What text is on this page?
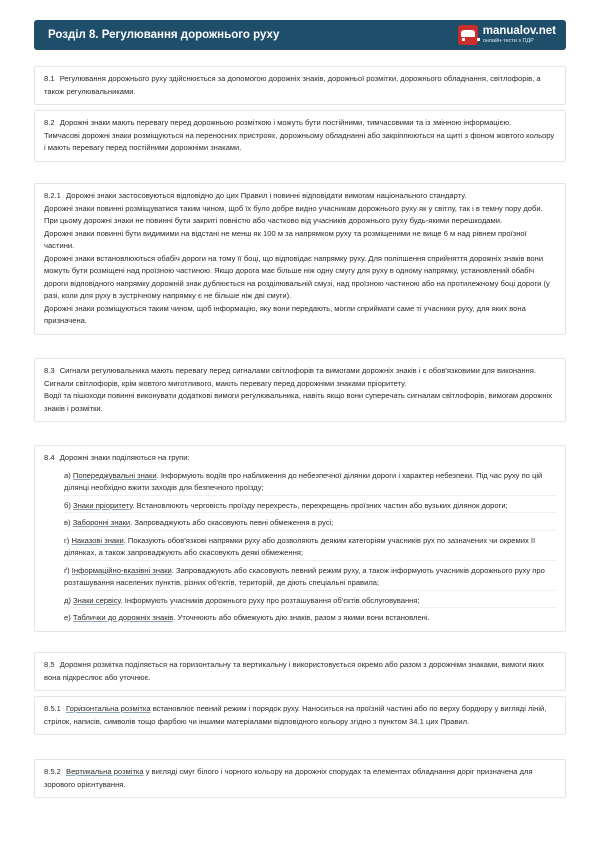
Розділ 8. Регулювання дорожнього руху	manualov.net
онлайн-тести з ПДР

8.1 Регулювання дорожнього руху здійснюється за допомогою дорожніх знаків, дорожньої розмітки, дорожнього обладнання, світлофорів, а також регулювальниками.

8.2 Дорожні знаки мають перевагу перед дорожньою розміткою і можуть бути постійними, тимчасовими та із змінною інформацією.

Тимчасові дорожні знаки розміщуються на переносних пристроях, дорожньому обладнанні або закріплюються на щиті з фоном жовтого кольору і мають перевагу перед постійними дорожніми знаками.

8.2.1 Дорожні знаки застосовуються відповідно до цих Правил і повинні відповідати вимогам національного стандарту.

Дорожні знаки повинні розміщуватися таким чином, щоб їх було добре видно учасникам дорожнього руху як у світлу, так і в темну пору доби. При цьому дорожні знаки не повинні бути закриті повністю або частково від учасників дорожнього руху будь-якими перешкодами.

Дорожні знаки повинні бути видимими на відстані не менш як 100 м за напрямком руху та розміщеними не вище 6 м над рівнем проїзної частини.

Дорожні знаки встановлюються обабіч дороги на тому її боці, що відповідає напрямку руху. Для поліпшення сприйняття дорожніх знаків вони можуть бути розміщені над проїзною частиною. Якщо дорога має більше ніж одну смугу для руху в одному напрямку, установлений обабіч дороги відповідного напрямку дорожній знак дублюється на розділювальній смузі, над проїзною частиною або на протилежному боці дороги (у разі, коли для руху в зустрічному напрямку є не більше ніж дві смуги).

Дорожні знаки розміщуються таким чином, щоб інформацію, яку вони передають, могли сприймати саме ті учасники руху, для яких вона призначена.

8.3 Сигнали регулювальника мають перевагу перед сигналами світлофорів та вимогами дорожніх знаків і є обов'язковими для виконання.

Сигнали світлофорів, крім жовтого миготливого, мають перевагу перед дорожніми знаками пріоритету.

Водії та пішоходи повинні виконувати додаткові вимоги регулювальника, навіть якщо вони суперечать сигналам світлофорів, вимогам дорожніх знаків і розмітки.

8.4 Дорожні знаки поділяються на групи:

а) Попереджувальні знаки. Інформують водіїв про наближення до небезпечної ділянки дороги і характер небезпеки. Під час руху по цій ділянці необхідно вжити заходів для безпечного проїзду;

б) Знаки пріоритету. Встановлюють черговість проїзду перехресть, перехрещень проїзних частин або вузьких ділянок дороги;

в) Заборонні знаки. Запроваджують або скасовують певні обмеження в русі;

г) Наказові знаки. Показують обов'язкові напрямки руху або дозволяють деяким категоріям учасників рух по зазначених чи окремих її ділянках, а також запроваджують або скасовують деякі обмеження;

ґ) Інформаційно-вказівні знаки. Запроваджують або скасовують певний режим руху, а також інформують учасників дорожнього руху про розташування населених пунктів, різних об'єктів, територій, де діють спеціальні правила;

д) Знаки сервісу. Інформують учасників дорожнього руху про розташування об'єктів обслуговування;

е) Таблички до дорожніх знаків. Уточнюють або обмежують дію знаків, разом з якими вони встановлені.

8.5 Дорожня розмітка поділяється на горизонтальну та вертикальну і використовується окремо або разом з дорожніми знаками, вимоги яких вона підкреслює або уточнює.

8.5.1 Горизонтальна розмітка встановлює певний режим і порядок руху. Наноситься на проїзній частині або по верху бордюру у вигляді ліній, стрілок, написів, символів тощо фарбою чи іншими матеріалами відповідного кольору згідно з пунктом 34.1 цих Правил.

8.5.2 Вертикальна розмітка у вигляді смуг білого і чорного кольору на дорожніх спорудах та елементах обладнання доріг призначена для зорового орієнтування.
